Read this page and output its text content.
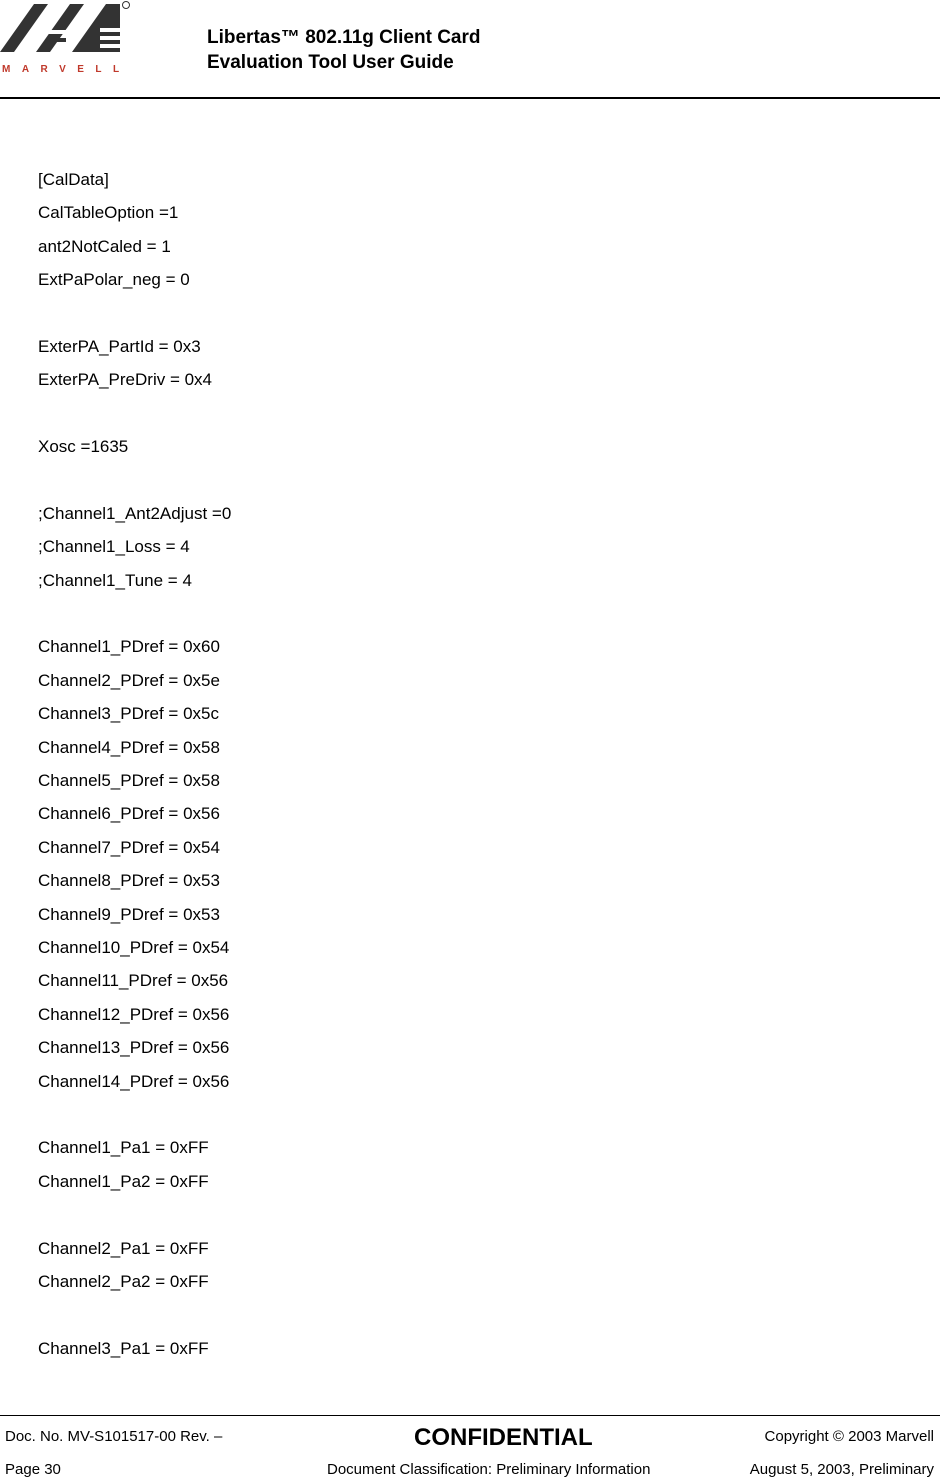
MARVELL
Libertas™ 802.11g Client Card
Evaluation Tool User Guide
[CalData]
CalTableOption =1
ant2NotCaled = 1
ExtPaPolar_neg = 0
ExterPA_PartId = 0x3
ExterPA_PreDriv = 0x4
Xosc =1635
;Channel1_Ant2Adjust =0
;Channel1_Loss = 4
;Channel1_Tune = 4
Channel1_PDref = 0x60
Channel2_PDref = 0x5e
Channel3_PDref = 0x5c
Channel4_PDref = 0x58
Channel5_PDref = 0x58
Channel6_PDref = 0x56
Channel7_PDref = 0x54
Channel8_PDref = 0x53
Channel9_PDref = 0x53
Channel10_PDref = 0x54
Channel11_PDref = 0x56
Channel12_PDref = 0x56
Channel13_PDref = 0x56
Channel14_PDref = 0x56
Channel1_Pa1 = 0xFF
Channel1_Pa2 = 0xFF
Channel2_Pa1 = 0xFF
Channel2_Pa2 = 0xFF
Channel3_Pa1 = 0xFF
Doc. No. MV-S101517-00 Rev. –	CONFIDENTIAL	Copyright © 2003 Marvell
Page 30	Document Classification: Preliminary Information	August 5, 2003, Preliminary
